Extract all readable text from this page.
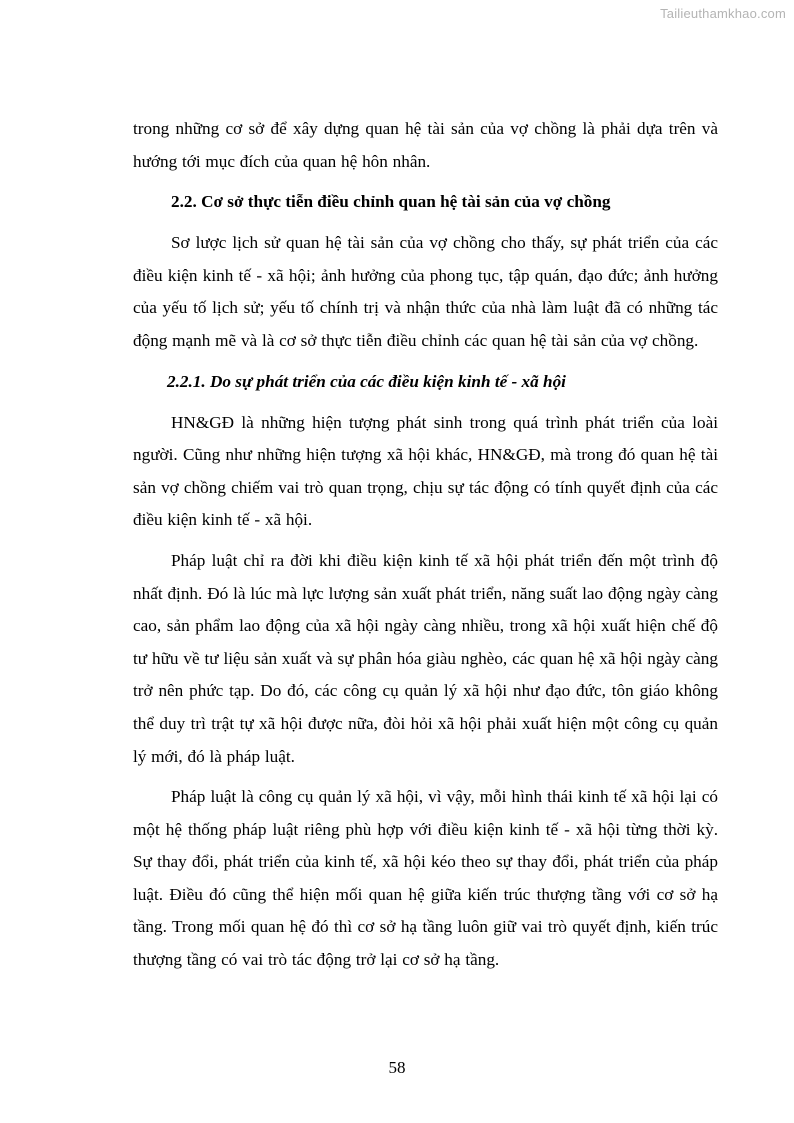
Tailieuthamkhao.com

trong những cơ sở để xây dựng quan hệ tài sản của vợ chồng là phải dựa trên và hướng tới mục đích của quan hệ hôn nhân.

2.2. Cơ sở thực tiễn điều chỉnh quan hệ tài sản của vợ chồng

Sơ lược lịch sử quan hệ tài sản của vợ chồng cho thấy, sự phát triển của các điều kiện kinh tế - xã hội; ảnh hưởng của phong tục, tập quán, đạo đức; ảnh hưởng của yếu tố lịch sử; yếu tố chính trị và nhận thức của nhà làm luật đã có những tác động mạnh mẽ và là cơ sở thực tiễn điều chỉnh các quan hệ tài sản của vợ chồng.

2.2.1. Do sự phát triển của các điều kiện kinh tế - xã hội

HN&GĐ là những hiện tượng phát sinh trong quá trình phát triển của loài người. Cũng như những hiện tượng xã hội khác, HN&GĐ, mà trong đó quan hệ tài sản vợ chồng chiếm vai trò quan trọng, chịu sự tác động có tính quyết định của các điều kiện kinh tế - xã hội.

Pháp luật chỉ ra đời khi điều kiện kinh tế xã hội phát triển đến một trình độ nhất định. Đó là lúc mà lực lượng sản xuất phát triển, năng suất lao động ngày càng cao, sản phẩm lao động của xã hội ngày càng nhiều, trong xã hội xuất hiện chế độ tư hữu về tư liệu sản xuất và sự phân hóa giàu nghèo, các quan hệ xã hội ngày càng trở nên phức tạp. Do đó, các công cụ quản lý xã hội như đạo đức, tôn giáo không thể duy trì trật tự xã hội được nữa, đòi hỏi xã hội phải xuất hiện một công cụ quản lý mới, đó là pháp luật.

Pháp luật là công cụ quản lý xã hội, vì vậy, mỗi hình thái kinh tế xã hội lại có một hệ thống pháp luật riêng phù hợp với điều kiện kinh tế - xã hội từng thời kỳ. Sự thay đổi, phát triển của kinh tế, xã hội kéo theo sự thay đổi, phát triển của pháp luật. Điều đó cũng thể hiện mối quan hệ giữa kiến trúc thượng tầng với cơ sở hạ tầng. Trong mối quan hệ đó thì cơ sở hạ tầng luôn giữ vai trò quyết định, kiến trúc thượng tầng có vai trò tác động trở lại cơ sở hạ tầng.

58
